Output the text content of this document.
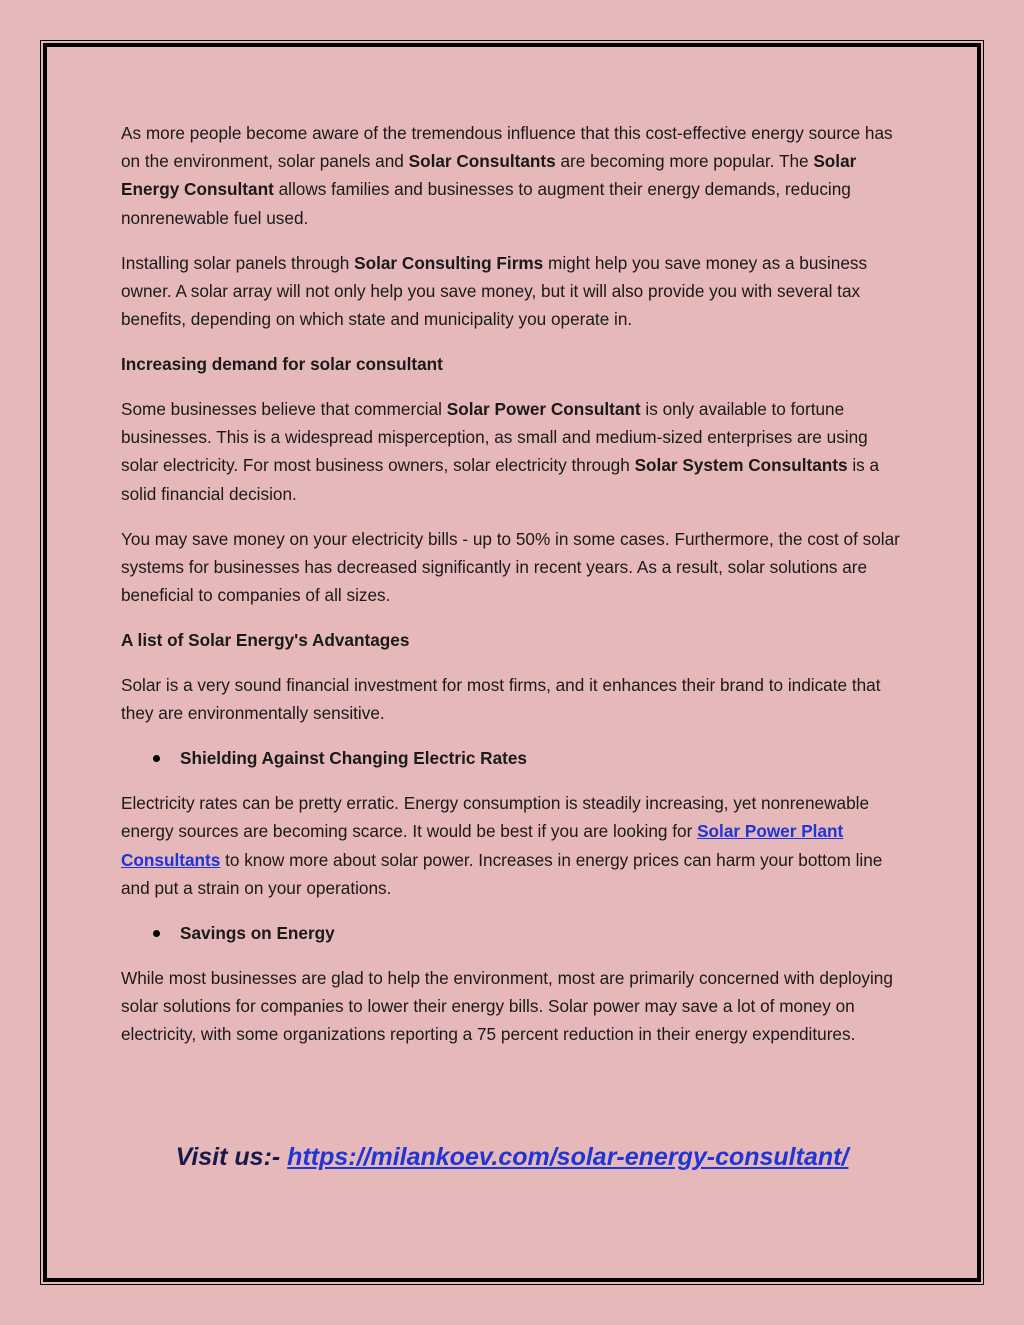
As more people become aware of the tremendous influence that this cost-effective energy source has on the environment, solar panels and Solar Consultants are becoming more popular. The Solar Energy Consultant allows families and businesses to augment their energy demands, reducing nonrenewable fuel used.

Installing solar panels through Solar Consulting Firms might help you save money as a business owner. A solar array will not only help you save money, but it will also provide you with several tax benefits, depending on which state and municipality you operate in.

Increasing demand for solar consultant

Some businesses believe that commercial Solar Power Consultant is only available to fortune businesses. This is a widespread misperception, as small and medium-sized enterprises are using solar electricity. For most business owners, solar electricity through Solar System Consultants is a solid financial decision.

You may save money on your electricity bills - up to 50% in some cases. Furthermore, the cost of solar systems for businesses has decreased significantly in recent years. As a result, solar solutions are beneficial to companies of all sizes.

A list of Solar Energy's Advantages

Solar is a very sound financial investment for most firms, and it enhances their brand to indicate that they are environmentally sensitive.

Shielding Against Changing Electric Rates

Electricity rates can be pretty erratic. Energy consumption is steadily increasing, yet nonrenewable energy sources are becoming scarce. It would be best if you are looking for Solar Power Plant Consultants to know more about solar power. Increases in energy prices can harm your bottom line and put a strain on your operations.

Savings on Energy

While most businesses are glad to help the environment, most are primarily concerned with deploying solar solutions for companies to lower their energy bills. Solar power may save a lot of money on electricity, with some organizations reporting a 75 percent reduction in their energy expenditures.

Visit us:- https://milankoev.com/solar-energy-consultant/
